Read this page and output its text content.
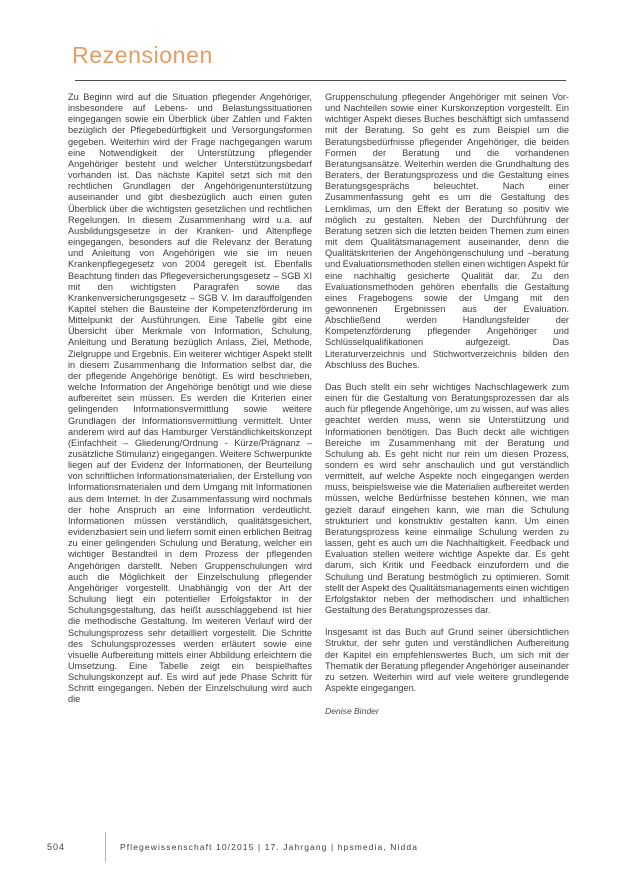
Rezensionen

Zu Beginn wird auf die Situation pflegender Angehöriger, insbesondere auf Lebens- und Belastungssituationen eingegangen sowie ein Überblick über Zahlen und Fakten bezüglich der Pflegebedürftigkeit und Versorgungsformen gegeben. Weiterhin wird der Frage nachgegangen warum eine Notwendigkeit der Unterstützung pflegender Angehöriger besteht und welcher Unterstützungsbedarf vorhanden ist. Das nächste Kapitel setzt sich mit den rechtlichen Grundlagen der Angehörigenunterstützung auseinander und gibt diesbezüglich auch einen guten Überblick über die wichtigsten gesetzlichen und rechtlichen Regelungen. In diesem Zusammenhang wird u.a. auf Ausbildungsgesetze in der Kranken- und Altenpflege eingegangen, besonders auf die Relevanz der Beratung und Anleitung von Angehörigen wie sie im neuen Krankenpflegegesetz von 2004 geregelt ist. Ebenfalls Beachtung finden das Pflegeversicherungsgesetz – SGB XI mit den wichtigsten Paragrafen sowie das Krankenversicherungsgesetz – SGB V. Im darauffolgenden Kapitel stehen die Bausteine der Kompetenzförderung im Mittelpunkt der Ausführungen. Eine Tabelle gibt eine Übersicht über Merkmale von Information, Schulung, Anleitung und Beratung bezüglich Anlass, Ziel, Methode, Zielgruppe und Ergebnis. Ein weiterer wichtiger Aspekt stellt in diesem Zusammenhang die Information selbst dar, die der pflegende Angehörige benötigt. Es wird beschrieben, welche Information der Angehörige benötigt und wie diese aufbereitet sein müssen. Es werden die Kriterien einer gelingenden Informationsvermittlung sowie weitere Grundlagen der Informationsvermittlung vermittelt. Unter anderem wird auf das Hamburger Verständlichkeitskonzept (Einfachheit – Gliederung/Ordnung - Kürze/Prägnanz – zusätzliche Stimulanz) eingegangen. Weitere Schwerpunkte liegen auf der Evidenz der Informationen, der Beurteilung von schriftlichen Informationsmaterialien, der Erstellung von Informationsmaterialen und dem Umgang mit Informationen aus dem Internet. In der Zusammenfassung wird nochmals der hohe Anspruch an eine Information verdeutlicht. Informationen müssen verständlich, qualitätsgesichert, evidenzbasiert sein und liefern somit einen erblichen Beitrag zu einer gelingenden Schulung und Beratung, welcher ein wichtiger Bestandteil in dem Prozess der pflegenden Angehörigen darstellt. Neben Gruppenschulungen wird auch die Möglichkeit der Einzelschulung pflegender Angehöriger vorgestellt. Unabhängig von der Art der Schulung liegt ein potentieller Erfolgsfaktor in der Schulungsgestaltung, das heißt ausschlaggebend ist hier die methodische Gestaltung. Im weiteren Verlauf wird der Schulungsprozess sehr detailliert vorgestellt. Die Schritte des Schulungsprozesses werden erläutert sowie eine visuelle Aufbereitung mittels einer Abbildung erleichtern die Umsetzung. Eine Tabelle zeigt ein beispielhaftes Schulungskonzept auf. Es wird auf jede Phase Schritt für Schritt eingegangen. Neben der Einzelschulung wird auch die

Gruppenschulung pflegender Angehöriger mit seinen Vor- und Nachteilen sowie einer Kurskonzeption vorgestellt. Ein wichtiger Aspekt dieses Buches beschäftigt sich umfassend mit der Beratung. So geht es zum Beispiel um die Beratungsbedürfnisse pflegender Angehöriger, die beiden Formen der Beratung und die vorhandenen Beratungsansätze. Weiterhin werden die Grundhaltung des Beraters, der Beratungsprozess und die Gestaltung eines Beratungsgesprächs beleuchtet. Nach einer Zusammenfassung geht es um die Gestaltung des Lernklimas, um den Effekt der Beratung so positiv wie möglich zu gestalten. Neben der Durchführung der Beratung setzen sich die letzten beiden Themen zum einen mit dem Qualitätsmanagement auseinander, denn die Qualitätskriterien der Angehörigenschulung und –beratung und Evaluationsmethoden stellen einen wichtigen Aspekt für eine nachhaltig gesicherte Qualität dar. Zu den Evaluationsmethoden gehören ebenfalls die Gestaltung eines Fragebogens sowie der Umgang mit den gewonnenen Ergebnissen aus der Evaluation. Abschließend werden Handlungsfelder der Kompetenzförderung pflegender Angehöriger und Schlüsselqualifikationen aufgezeigt. Das Literaturverzeichnis und Stichwortverzeichnis bilden den Abschluss des Buches.

Das Buch stellt ein sehr wichtiges Nachschlagewerk zum einen für die Gestaltung von Beratungsprozessen dar als auch für pflegende Angehörige, um zu wissen, auf was alles geachtet werden muss, wenn sie Unterstützung und Informationen benötigen. Das Buch deckt alle wichtigen Bereiche im Zusammenhang mit der Beratung und Schulung ab. Es geht nicht nur rein um diesen Prozess, sondern es wird sehr anschaulich und gut verständlich vermittelt, auf welche Aspekte noch eingegangen werden muss, beispielsweise wie die Materialien aufbereitet werden müssen, welche Bedürfnisse bestehen können, wie man gezielt darauf eingehen kann, wie man die Schulung strukturiert und konstruktiv gestalten kann. Um einen Beratungsprozess keine einmalige Schulung werden zu lassen, geht es auch um die Nachhaltigkeit. Feedback und Evaluation stellen weitere wichtige Aspekte dar. Es geht darum, sich Kritik und Feedback einzufordern und die Schulung und Beratung bestmöglich zu optimieren. Somit stellt der Aspekt des Qualitätsmanagements einen wichtigen Erfolgsfaktor neben der methodischen und inhaltlichen Gestaltung des Beratungsprozesses dar.

Insgesamt ist das Buch auf Grund seiner übersichtlichen Struktur, der sehr guten und verständlichen Aufbereitung der Kapitel ein empfehlenswertes Buch, um sich mit der Thematik der Beratung pflegender Angehöriger auseinander zu setzen. Weiterhin wird auf viele weitere grundlegende Aspekte eingegangen.

Denise Binder

504	Pflegewissenschaft 10/2015 | 17. Jahrgang | hpsmedia, Nidda
